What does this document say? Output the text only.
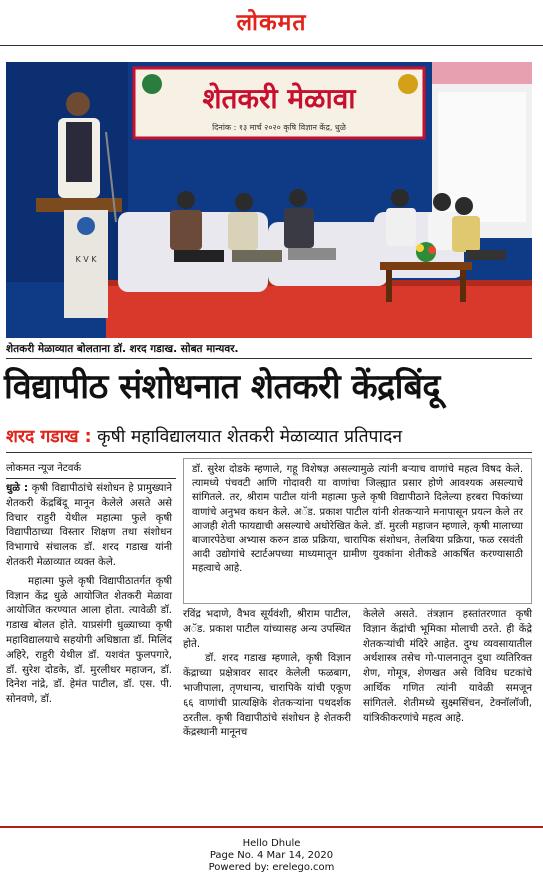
लोकमत
शेतकरी मेळावा
दिनांक : १३ मार्च २०२० कृषि विज्ञान केंद्र, धुळे
K V K
शेतकरी मेळाव्यात बोलताना डॉ. शरद गडाख. सोबत मान्यवर.
विद्यापीठ संशोधनात शेतकरी केंद्रबिंदू
शरद गडाख : कृषी महाविद्यालयात शेतकरी मेळाव्यात प्रतिपादन
लोकमत न्यूज नेटवर्क

धुळे : कृषी विद्यापीठांचे संशोधन हे प्रामुख्याने शेतकरी केंद्रबिंदू मानून केलेले असते असे विचार राहुरी येथील महात्मा फुले कृषी विद्यापीठाच्या विस्तार शिक्षण तथा संशोधन विभागाचे संचालक डॉ. शरद गडाख यांनी शेतकरी मेळाव्यात व्यक्त केले.

महात्मा फुले कृषी विद्यापीठातर्गत कृषी विज्ञान केंद्र धुळे आयोजित शेतकरी मेळावा आयोजित करण्यात आला होता. त्यावेळी डॉ. गडाख बोलत होते. याप्रसंगी धुळ्याच्या कृषी महाविद्यालयाचे सहयोगी अधिष्ठाता डॉ. मिलिंद अहिरे, राहुरी येथील डॉ. यशवंत फुलपगारे, डॉ. सुरेश दोडके, डॉ. मुरलीधर महाजन, डॉ. दिनेश नांद्रे, डॉ. हेमंत पाटील, डॉ. एस. पी. सोनवणे, डॉ.

डॉ. सुरेश दोडके म्हणाले, गहू विशेषज्ञ असल्यामुळे त्यांनी बऱ्याच वाणांचे महत्व विषद केले. त्यामध्ये पंचवटी आणि गोदावरी या वाणांचा जिल्ह्यात प्रसार होणे आवश्यक असल्याचे सांगितले. तर, श्रीराम पाटील यांनी महात्मा फुले कृषी विद्यापीठाने दिलेल्या हरबरा पिकांच्या वाणांचे अनुभव कथन केले. अॅड. प्रकाश पाटील यांनी शेतकऱ्याने मनापासून प्रयत्न केले तर आजही शेती फायद्याची असल्याचे अधोरेखित केले. डॉ. मुरली महाजन म्हणाले, कृषी मालाच्या बाजारपेठेचा अभ्यास करुन डाळ प्रक्रिया, चारापिक संशोधन, तेलबिया प्रक्रिया, फळ रसवंती आदी उद्योगांचे स्टार्टअपच्या माध्यमातून ग्रामीण युवकांना शेतीकडे आकर्षित करण्यासाठी महत्वाचे आहे.

रविंद्र भदाणे, वैभव सूर्यवंशी, श्रीराम पाटील, अॅड. प्रकाश पाटील यांच्यासह अन्य उपस्थित होते.

डॉ. शरद गडाख म्हणाले, कृषी विज्ञान केंद्राच्या प्रक्षेत्रावर सादर केलेली फळबाग, भाजीपाला, तृणधान्य, चारापिके यांची एकूण ६६ वाणांची प्रात्यक्षिके शेतकऱ्यांना पथदर्शक ठरतील. कृषी विद्यापीठांचे संशोधन हे शेतकरी केंद्रस्थानी मानूनच

केलेले असते. तंत्रज्ञान हस्तांतरणात कृषी विज्ञान केंद्रांची भूमिका मोलाची ठरते. ही केंद्रे शेतकऱ्यांची मंदिरे आहेत. दुग्ध व्यवसायातील अर्थशास्त्र तसेच गो-पालनातून दुधा व्यतिरिक्त शेण, गोमूत्र, शेणखत असे विविध घटकांचे आर्थिक गणित त्यांनी यावेळी समजून सांगितले. शेतीमध्ये सुक्ष्मसिंचन, टेक्नॉलॉजी, यांत्रिकीकरणांचे महत्व आहे.

Hello Dhule
Page No. 4 Mar 14, 2020
Powered by: erelego.com
